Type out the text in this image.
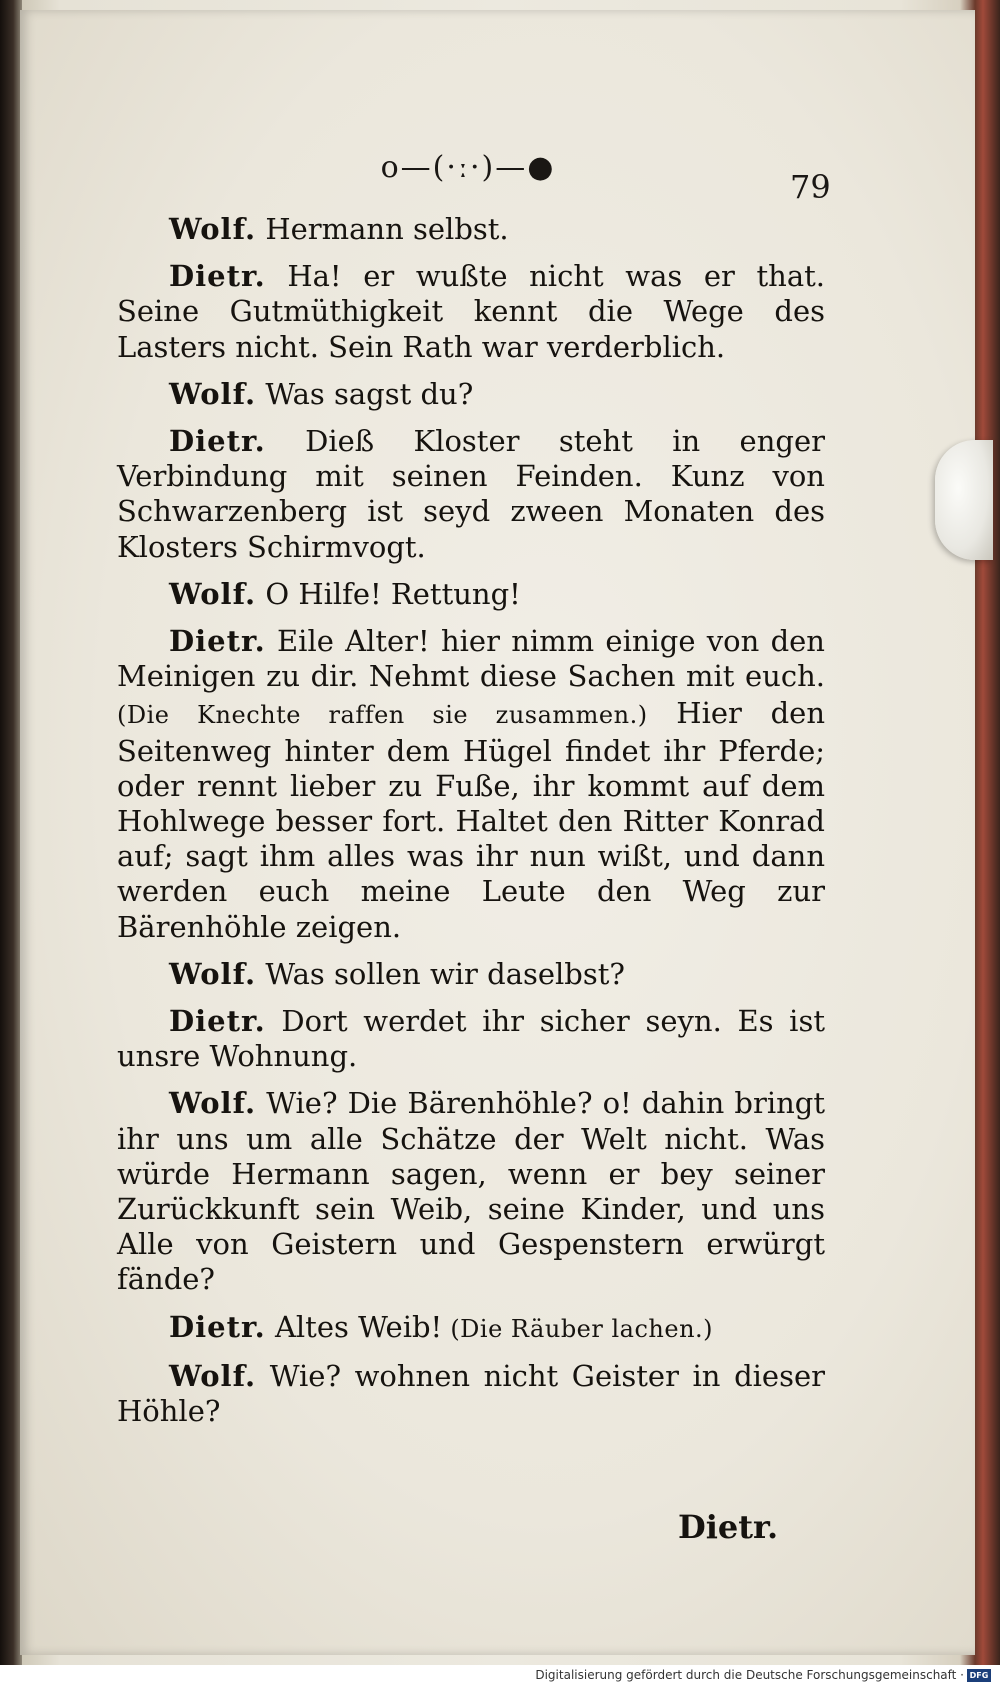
o—(·ː·)—●
79

Wolf. Hermann selbst.

Dietr. Ha! er wußte nicht was er that. Seine Gutmüthigkeit kennt die Wege des Lasters nicht. Sein Rath war verderblich.

Wolf. Was sagst du?

Dietr. Dieß Kloster steht in enger Verbindung mit seinen Feinden. Kunz von Schwarzenberg ist seyd zween Monaten des Klosters Schirmvogt.

Wolf. O Hilfe! Rettung!

Dietr. Eile Alter! hier nimm einige von den Meinigen zu dir. Nehmt diese Sachen mit euch. (Die Knechte raffen sie zusammen.) Hier den Seitenweg hinter dem Hügel findet ihr Pferde; oder rennt lieber zu Fuße, ihr kommt auf dem Hohlwege besser fort. Haltet den Ritter Konrad auf; sagt ihm alles was ihr nun wißt, und dann werden euch meine Leute den Weg zur Bärenhöhle zeigen.

Wolf. Was sollen wir daselbst?

Dietr. Dort werdet ihr sicher seyn. Es ist unsre Wohnung.

Wolf. Wie? Die Bärenhöhle? o! dahin bringt ihr uns um alle Schätze der Welt nicht. Was würde Hermann sagen, wenn er bey seiner Zurückkunft sein Weib, seine Kinder, und uns Alle von Geistern und Gespenstern erwürgt fände?

Dietr. Altes Weib! (Die Räuber lachen.)

Wolf. Wie? wohnen nicht Geister in dieser Höhle?

Dietr.
Digitalisierung gefördert durch die Deutsche Forschungsgemeinschaft · DFG
